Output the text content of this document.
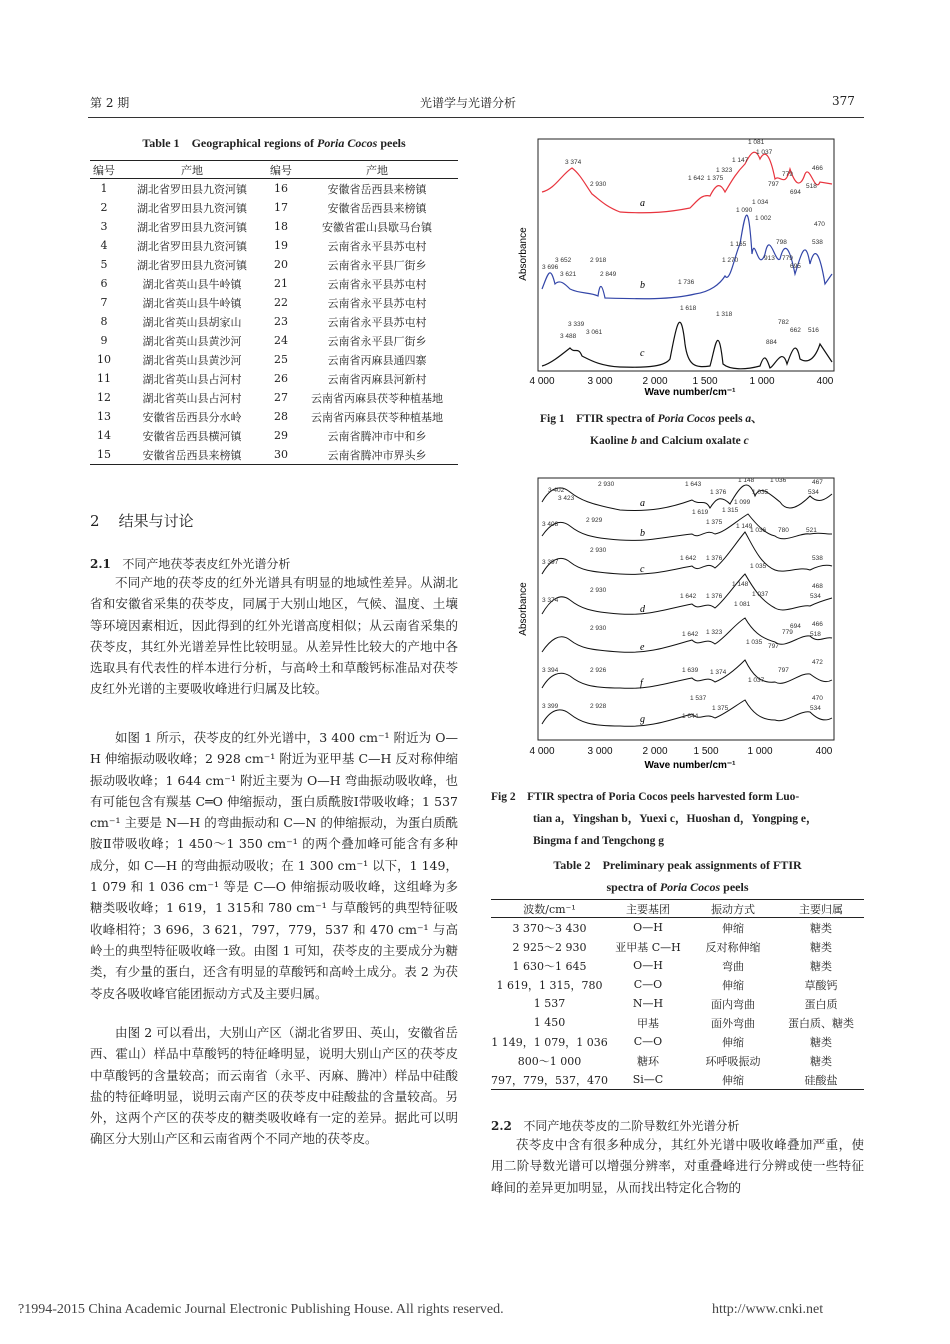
第 2 期	光谱学与光谱分析	377
Table 1 Geographical regions of Poria Cocos peels
编号	产地	编号	产地
1	湖北省罗田县九资河镇	16	安徽省岳西县来榜镇
2	湖北省罗田县九资河镇	17	安徽省岳西县来榜镇
3	湖北省罗田县九资河镇	18	安徽省霍山县歇马台镇
4	湖北省罗田县九资河镇	19	云南省永平县苏屯村
5	湖北省罗田县九资河镇	20	云南省永平县厂街乡
6	湖北省英山县牛岭镇	21	云南省永平县苏屯村
7	湖北省英山县牛岭镇	22	云南省永平县苏屯村
8	湖北省英山县胡家山	23	云南省永平县苏屯村
9	湖北省英山县黄沙河	24	云南省永平县厂街乡
10	湖北省英山县黄沙河	25	云南省丙麻县通四寨
11	湖北省英山县占河村	26	云南省丙麻县河新村
12	湖北省英山县占河村	27	云南省丙麻县茯苓种植基地
13	安徽省岳西县分水岭	28	云南省丙麻县茯苓种植基地
14	安徽省岳西县横河镇	29	云南省腾冲市中和乡
15	安徽省岳西县来榜镇	30	云南省腾冲市界头乡
2 结果与讨论
2.1 不同产地茯苓表皮红外光谱分析
不同产地的茯苓皮的红外光谱具有明显的地域性差异。从湖北省和安徽省采集的茯苓皮，同属于大别山地区，气候、温度、土壤等环境因素相近，因此得到的红外光谱高度相似；从云南省采集的茯苓皮，其红外光谱差异性比较明显。从差异性比较大的产地中各选取具有代表性的样本进行分析，与高岭土和草酸钙标准品对茯苓皮红外光谱的主要吸收峰进行归属及比较。
如图 1 所示，茯苓皮的红外光谱中，3 400 cm⁻¹ 附近为 O—H 伸缩振动吸收峰；2 928 cm⁻¹ 附近为亚甲基 C—H 反对称伸缩振动吸收峰；1 644 cm⁻¹ 附近主要为 O—H 弯曲振动吸收峰，也有可能包含有羰基 C═O 伸缩振动，蛋白质酰胺Ⅰ带吸收峰；1 537 cm⁻¹ 主要是 N—H 的弯曲振动和 C—N 的伸缩振动，为蛋白质酰胺Ⅱ带吸收峰；1 450～1 350 cm⁻¹ 的两个叠加峰可能含有多种成分，如 C—H 的弯曲振动吸收；在 1 300 cm⁻¹ 以下，1 149，1 079 和 1 036 cm⁻¹ 等是 C—O 伸缩振动吸收峰，这组峰为多糖类吸收峰；1 619，1 315和 780 cm⁻¹ 与草酸钙的典型特征吸收峰相符；3 696，3 621，797，779，537 和 470 cm⁻¹ 与高岭土的典型特征吸收峰一致。由图 1 可知，茯苓皮的主要成分为糖类，有少量的蛋白，还含有明显的草酸钙和高岭土成分。表 2 为茯苓皮各吸收峰官能团振动方式及主要归属。
由图 2 可以看出，大别山产区（湖北省罗田、英山，安徽省岳西、霍山）样品中草酸钙的特征峰明显，说明大别山产区的茯苓皮中草酸钙的含量较高；而云南省（永平、丙麻、腾冲）样品中硅酸盐的特征峰明显，说明云南产区的茯苓皮中硅酸盐的含量较高。另外，这两个产区的茯苓皮的糖类吸收峰有一定的差异。据此可以明确区分大别山产区和云南省两个不同产地的茯苓皮。
Absorbance
a
b
c
3 374
2 930
1 642 1 375
1 323
1 147
1 081
1 037
779
797
694
466
518
3 696
3 652
3 621
2 918
2 849
1 736
1 270
1 165
1 090
1 034
1 002
798
913 779
695
538
470
3 488
3 339
3 061
1 618
1 318
884
782
662 516
4 000	3 000	2 000 1 500	1 000	400
Wave number/cm⁻¹
Fig 1 FTIR spectra of Poria Cocos peels a、
Kaoline b and Calcium oxalate c
Absorbance
a
b
c
d
e
f
g
3 423
3 402
2 930	1 643
1 619
1 376
1 315
1 148
1 099
1 035
1 036	467
534
3 408
2 929	1 375
1 036 780	521
3 397
2 930
1 642 1 376
1 149
1 035
538
3 374
2 930
1 642 1 376
1 148
1 081
1 037
468
534
2 930
1 642 1 323
1 035
797
779
694 466
518
3 394	2 926	1 639 1 374
1 037
797
472
3 399	2 928
1 644
1 537
1 375
470
534
4 000	3 000	2 000	1 500	1 000	400
Wave number/cm⁻¹
Fig 2 FTIR spectra of Poria Cocos peels harvested form Luo-
tian a，Yingshan b，Yuexi c，Huoshan d，Yongping e，
Bingma f and Tengchong g
Table 2 Preliminary peak assignments of FTIR
spectra of Poria Cocos peels
波数/cm⁻¹	主要基团	振动方式	主要归属
3 370～3 430	O—H	伸缩	糖类
2 925～2 930	亚甲基 C—H	反对称伸缩	糖类
1 630～1 645	O—H	弯曲	糖类
1 619，1 315，780	C—O	伸缩	草酸钙
1 537	N—H	面内弯曲	蛋白质
1 450	甲基	面外弯曲	蛋白质、糖类
1 149，1 079，1 036	C—O	伸缩	糖类
800～1 000	糖环	环呼吸振动	糖类
797，779，537，470	Si—C	伸缩	硅酸盐
2.2 不同产地茯苓皮的二阶导数红外光谱分析
茯苓皮中含有很多种成分，其红外光谱中吸收峰叠加严重，使用二阶导数光谱可以增强分辨率，对重叠峰进行分辨或使一些特征峰间的差异更加明显，从而找出特定化合物的
?1994-2015 China Academic Journal Electronic Publishing House. All rights reserved.	http://www.cnki.net
